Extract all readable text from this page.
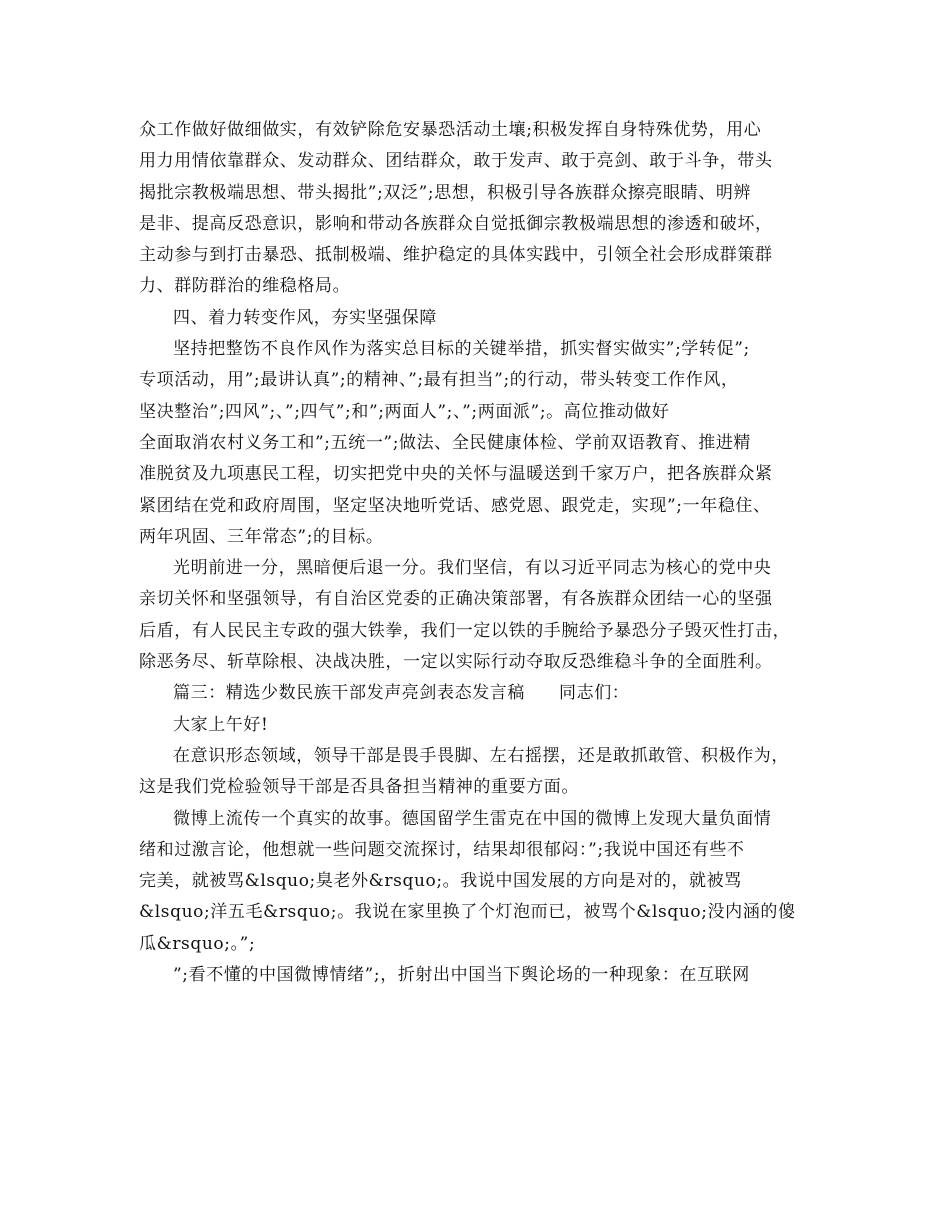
众工作做好做细做实，有效铲除危安暴恐活动土壤;积极发挥自身特殊优势，用心
用力用情依靠群众、发动群众、团结群众，敢于发声、敢于亮剑、敢于斗争，带头
揭批宗教极端思想、带头揭批”;双泛”;思想，积极引导各族群众擦亮眼睛、明辨
是非、提高反恐意识，影响和带动各族群众自觉抵御宗教极端思想的渗透和破坏，
主动参与到打击暴恐、抵制极端、维护稳定的具体实践中，引领全社会形成群策群
力、群防群治的维稳格局。
四、着力转变作风，夯实坚强保障
坚持把整饬不良作风作为落实总目标的关键举措，抓实督实做实”;学转促”;
专项活动，用”;最讲认真”;的精神、”;最有担当”;的行动，带头转变工作作风，
坚决整治”;四风”;、”;四气”;和”;两面人”;、”;两面派”;。高位推动做好
全面取消农村义务工和”;五统一”;做法、全民健康体检、学前双语教育、推进精
准脱贫及九项惠民工程，切实把党中央的关怀与温暖送到千家万户，把各族群众紧
紧团结在党和政府周围，坚定坚决地听党话、感党恩、跟党走，实现”;一年稳住、
两年巩固、三年常态”;的目标。
光明前进一分，黑暗便后退一分。我们坚信，有以习近平同志为核心的党中央
亲切关怀和坚强领导，有自治区党委的正确决策部署，有各族群众团结一心的坚强
后盾，有人民民主专政的强大铁拳，我们一定以铁的手腕给予暴恐分子毁灭性打击，
除恶务尽、斩草除根、决战决胜，一定以实际行动夺取反恐维稳斗争的全面胜利。
篇三：精选少数民族干部发声亮剑表态发言稿 同志们：
大家上午好!
在意识形态领域，领导干部是畏手畏脚、左右摇摆，还是敢抓敢管、积极作为，
这是我们党检验领导干部是否具备担当精神的重要方面。
微博上流传一个真实的故事。德国留学生雷克在中国的微博上发现大量负面情
绪和过激言论，他想就一些问题交流探讨，结果却很郁闷：”;我说中国还有些不
完美，就被骂&lsquo;臭老外&rsquo;。我说中国发展的方向是对的，就被骂
&lsquo;洋五毛&rsquo;。我说在家里换了个灯泡而已，被骂个&lsquo;没内涵的傻
瓜&rsquo;。”;
”;看不懂的中国微博情绪”;，折射出中国当下舆论场的一种现象：在互联网
